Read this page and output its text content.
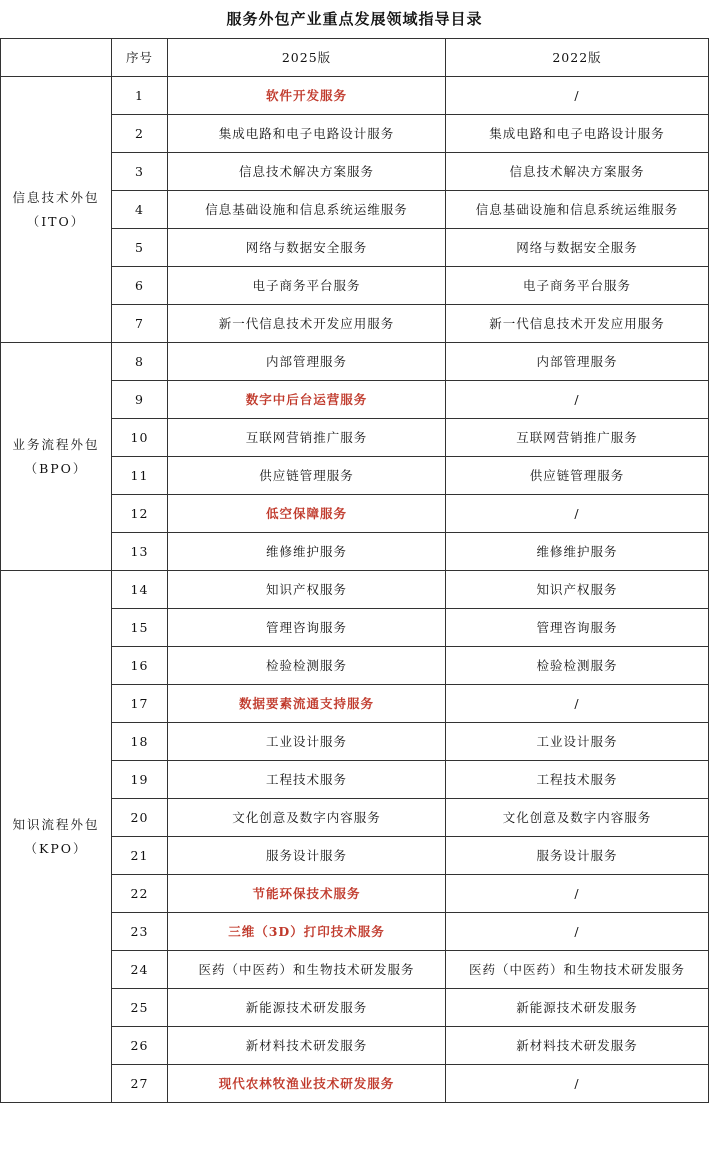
服务外包产业重点发展领域指导目录
	序号	2025版	2022版

信息技术外包
（ITO）	1	软件开发服务	/
	2	集成电路和电子电路设计服务	集成电路和电子电路设计服务
	3	信息技术解决方案服务	信息技术解决方案服务
	4	信息基础设施和信息系统运维服务	信息基础设施和信息系统运维服务
	5	网络与数据安全服务	网络与数据安全服务
	6	电子商务平台服务	电子商务平台服务
	7	新一代信息技术开发应用服务	新一代信息技术开发应用服务

业务流程外包
（BPO）	8	内部管理服务	内部管理服务
	9	数字中后台运营服务	/
	10	互联网营销推广服务	互联网营销推广服务
	11	供应链管理服务	供应链管理服务
	12	低空保障服务	/
	13	维修维护服务	维修维护服务

知识流程外包
（KPO）	14	知识产权服务	知识产权服务
	15	管理咨询服务	管理咨询服务
	16	检验检测服务	检验检测服务
	17	数据要素流通支持服务	/
	18	工业设计服务	工业设计服务
	19	工程技术服务	工程技术服务
	20	文化创意及数字内容服务	文化创意及数字内容服务
	21	服务设计服务	服务设计服务
	22	节能环保技术服务	/
	23	三维（3D）打印技术服务	/
	24	医药（中医药）和生物技术研发服务	医药（中医药）和生物技术研发服务
	25	新能源技术研发服务	新能源技术研发服务
	26	新材料技术研发服务	新材料技术研发服务
	27	现代农林牧渔业技术研发服务	/
